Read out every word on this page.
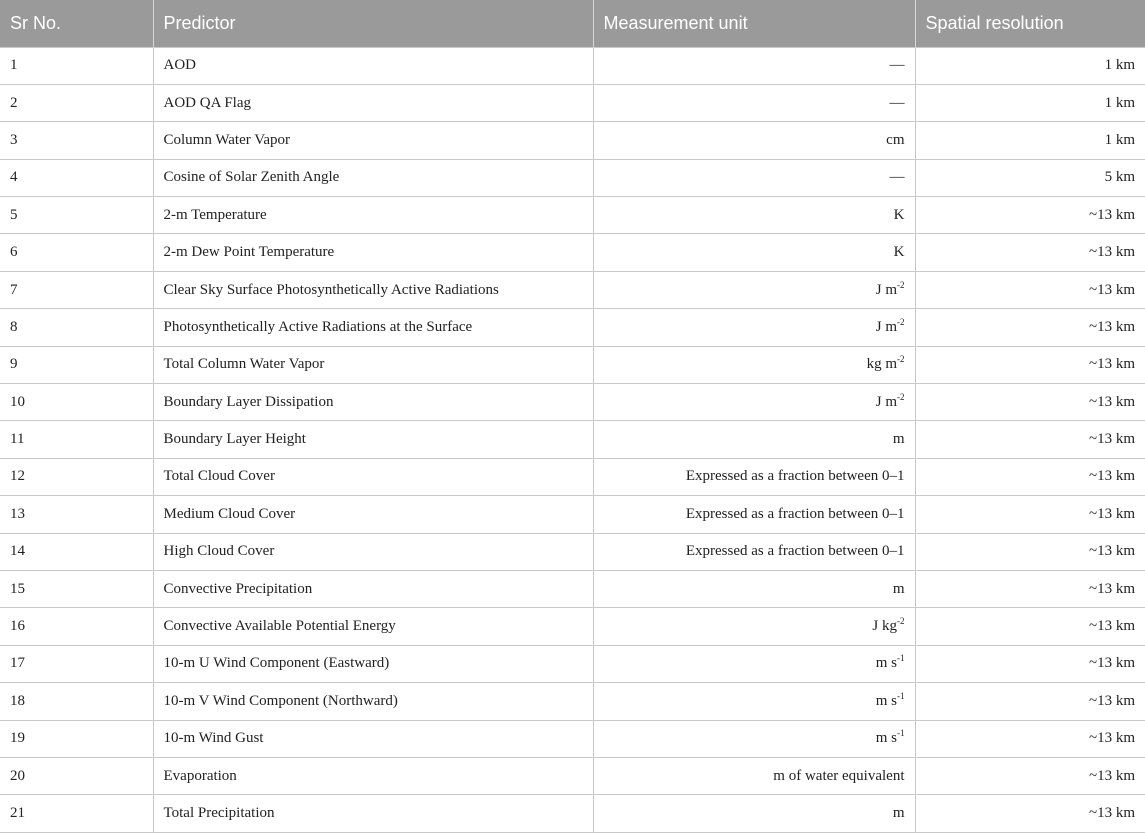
Sr No.	Predictor	Measurement unit	Spatial resolution
1	AOD	—	1 km
2	AOD QA Flag	—	1 km
3	Column Water Vapor	cm	1 km
4	Cosine of Solar Zenith Angle	—	5 km
5	2-m Temperature	K	~13 km
6	2-m Dew Point Temperature	K	~13 km
7	Clear Sky Surface Photosynthetically Active Radiations	J $m^{-2}$	~13 km
8	Photosynthetically Active Radiations at the Surface	J $m^{-2}$	~13 km
9	Total Column Water Vapor	kg $m^{-2}$	~13 km
10	Boundary Layer Dissipation	J $m^{-2}$	~13 km
11	Boundary Layer Height	m	~13 km
12	Total Cloud Cover	Expressed as a fraction between 0–1	~13 km
13	Medium Cloud Cover	Expressed as a fraction between 0–1	~13 km
14	High Cloud Cover	Expressed as a fraction between 0–1	~13 km
15	Convective Precipitation	m	~13 km
16	Convective Available Potential Energy	J $kg^{-2}$	~13 km
17	10-m U Wind Component (Eastward)	m $s^{-1}$	~13 km
18	10-m V Wind Component (Northward)	m $s^{-1}$	~13 km
19	10-m Wind Gust	m $s^{-1}$	~13 km
20	Evaporation	m of water equivalent	~13 km
21	Total Precipitation	m	~13 km
